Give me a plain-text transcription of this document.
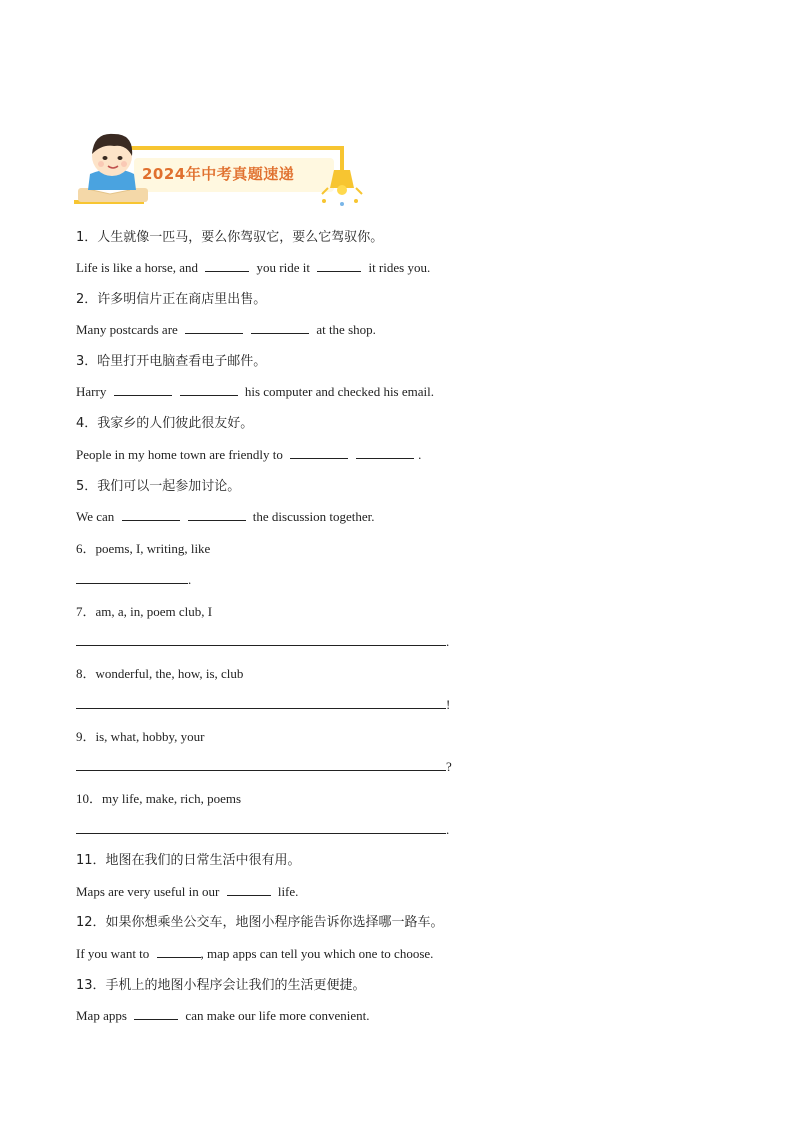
2024年中考真题速递
1．人生就像一匹马，要么你驾驭它，要么它驾驭你。
Life is like a horse, and	you ride it	it rides you.
2．许多明信片正在商店里出售。
Many postcards are	at the shop.
3．哈里打开电脑查看电子邮件。
Harry	his computer and checked his email.
4．我家乡的人们彼此很友好。
People in my home town are friendly to	.
5．我们可以一起参加讨论。
We can	the discussion together.
6．poems, I, writing, like
.
7．am, a, in, poem club, I
.
8．wonderful, the, how, is, club
!
9．is, what, hobby, your
?
10．my life, make, rich, poems
.
11．地图在我们的日常生活中很有用。
Maps are very useful in our	life.
12．如果你想乘坐公交车，地图小程序能告诉你选择哪一路车。
If you want to	, map apps can tell you which one to choose.
13．手机上的地图小程序会让我们的生活更便捷。
Map apps	can make our life more convenient.
